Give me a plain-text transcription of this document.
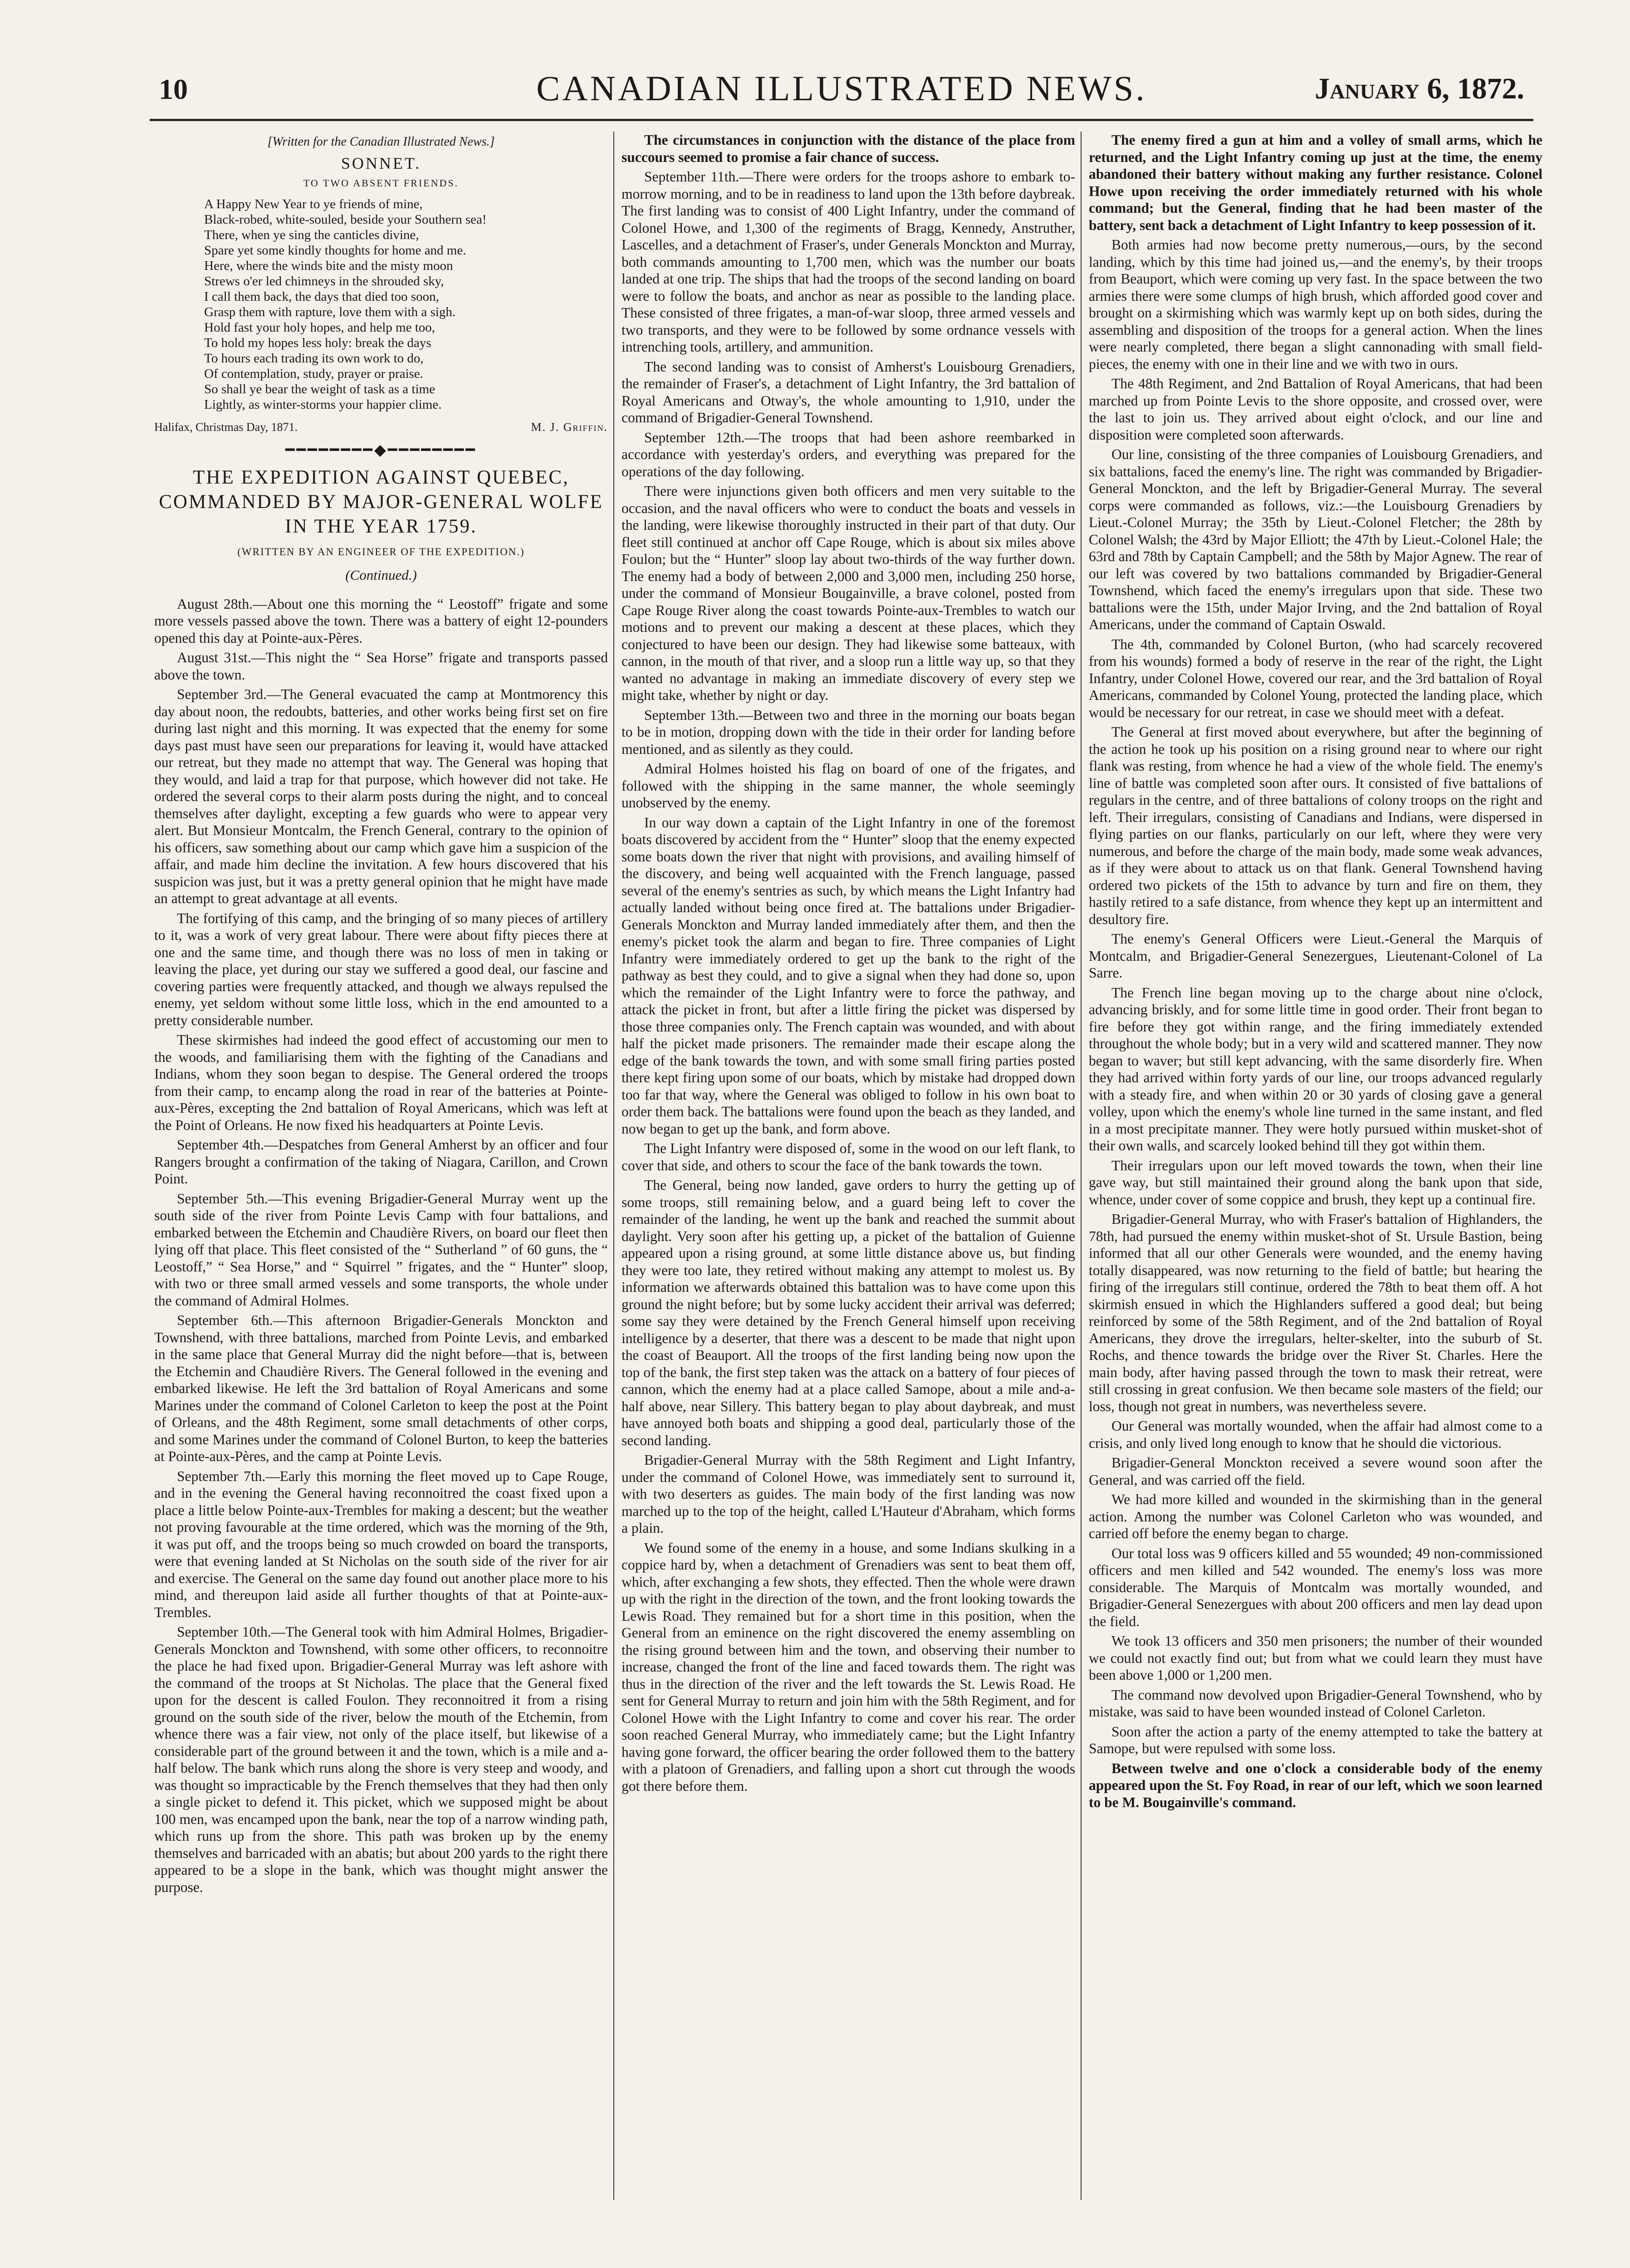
10	CANADIAN ILLUSTRATED NEWS.	January 6, 1872.
[Written for the Canadian Illustrated News.]
SONNET.
TO TWO ABSENT FRIENDS.
A Happy New Year to ye friends of mine,
Black-robed, white-souled, beside your Southern sea!
There, when ye sing the canticles divine,
Spare yet some kindly thoughts for home and me.
Here, where the winds bite and the misty moon
Strews o'er led chimneys in the shrouded sky,
I call them back, the days that died too soon,
Grasp them with rapture, love them with a sigh.
Hold fast your holy hopes, and help me too,
To hold my hopes less holy: break the days
To hours each trading its own work to do,
Of contemplation, study, prayer or praise.
So shall ye bear the weight of task as a time
Lightly, as winter-storms your happier clime.
Halifax, Christmas Day, 1871.	M. J. Griffin.
━━━━━━━━◆━━━━━━━━
THE EXPEDITION AGAINST QUEBEC, COMMANDED BY MAJOR-GENERAL WOLFE IN THE YEAR 1759.
(WRITTEN BY AN ENGINEER OF THE EXPEDITION.)
(Continued.)

August 28th.—About one this morning the “ Leostoff” frigate and some more vessels passed above the town. There was a battery of eight 12-pounders opened this day at Pointe-aux-Pères.

August 31st.—This night the “ Sea Horse” frigate and transports passed above the town.

September 3rd.—The General evacuated the camp at Montmorency this day about noon, the redoubts, batteries, and other works being first set on fire during last night and this morning. It was expected that the enemy for some days past must have seen our preparations for leaving it, would have attacked our retreat, but they made no attempt that way. The General was hoping that they would, and laid a trap for that purpose, which however did not take. He ordered the several corps to their alarm posts during the night, and to conceal themselves after daylight, excepting a few guards who were to appear very alert. But Monsieur Montcalm, the French General, contrary to the opinion of his officers, saw something about our camp which gave him a suspicion of the affair, and made him decline the invitation. A few hours discovered that his suspicion was just, but it was a pretty general opinion that he might have made an attempt to great advantage at all events.

The fortifying of this camp, and the bringing of so many pieces of artillery to it, was a work of very great labour. There were about fifty pieces there at one and the same time, and though there was no loss of men in taking or leaving the place, yet during our stay we suffered a good deal, our fascine and covering parties were frequently attacked, and though we always repulsed the enemy, yet seldom without some little loss, which in the end amounted to a pretty considerable number.

These skirmishes had indeed the good effect of accustoming our men to the woods, and familiarising them with the fighting of the Canadians and Indians, whom they soon began to despise. The General ordered the troops from their camp, to encamp along the road in rear of the batteries at Pointe-aux-Pères, excepting the 2nd battalion of Royal Americans, which was left at the Point of Orleans. He now fixed his headquarters at Pointe Levis.

September 4th.—Despatches from General Amherst by an officer and four Rangers brought a confirmation of the taking of Niagara, Carillon, and Crown Point.

September 5th.—This evening Brigadier-General Murray went up the south side of the river from Pointe Levis Camp with four battalions, and embarked between the Etchemin and Chaudière Rivers, on board our fleet then lying off that place. This fleet consisted of the “ Sutherland ” of 60 guns, the “ Leostoff,” “ Sea Horse,” and “ Squirrel ” frigates, and the “ Hunter” sloop, with two or three small armed vessels and some transports, the whole under the command of Admiral Holmes.

September 6th.—This afternoon Brigadier-Generals Monckton and Townshend, with three battalions, marched from Pointe Levis, and embarked in the same place that General Murray did the night before—that is, between the Etchemin and Chaudière Rivers. The General followed in the evening and embarked likewise. He left the 3rd battalion of Royal Americans and some Marines under the command of Colonel Carleton to keep the post at the Point of Orleans, and the 48th Regiment, some small detachments of other corps, and some Marines under the command of Colonel Burton, to keep the batteries at Pointe-aux-Pères, and the camp at Pointe Levis.

September 7th.—Early this morning the fleet moved up to Cape Rouge, and in the evening the General having reconnoitred the coast fixed upon a place a little below Pointe-aux-Trembles for making a descent; but the weather not proving favourable at the time ordered, which was the morning of the 9th, it was put off, and the troops being so much crowded on board the transports, were that evening landed at St Nicholas on the south side of the river for air and exercise. The General on the same day found out another place more to his mind, and thereupon laid aside all further thoughts of that at Pointe-aux-Trembles.

September 10th.—The General took with him Admiral Holmes, Brigadier-Generals Monckton and Townshend, with some other officers, to reconnoitre the place he had fixed upon. Brigadier-General Murray was left ashore with the command of the troops at St Nicholas. The place that the General fixed upon for the descent is called Foulon. They reconnoitred it from a rising ground on the south side of the river, below the mouth of the Etchemin, from whence there was a fair view, not only of the place itself, but likewise of a considerable part of the ground between it and the town, which is a mile and a-half below. The bank which runs along the shore is very steep and woody, and was thought so impracticable by the French themselves that they had then only a single picket to defend it. This picket, which we supposed might be about 100 men, was encamped upon the bank, near the top of a narrow winding path, which runs up from the shore. This path was broken up by the enemy themselves and barricaded with an abatis; but about 200 yards to the right there appeared to be a slope in the bank, which was thought might answer the purpose.

The circumstances in conjunction with the distance of the place from succours seemed to promise a fair chance of success.

September 11th.—There were orders for the troops ashore to embark to-morrow morning, and to be in readiness to land upon the 13th before daybreak. The first landing was to consist of 400 Light Infantry, under the command of Colonel Howe, and 1,300 of the regiments of Bragg, Kennedy, Anstruther, Lascelles, and a detachment of Fraser's, under Generals Monckton and Murray, both commands amounting to 1,700 men, which was the number our boats landed at one trip. The ships that had the troops of the second landing on board were to follow the boats, and anchor as near as possible to the landing place. These consisted of three frigates, a man-of-war sloop, three armed vessels and two transports, and they were to be followed by some ordnance vessels with intrenching tools, artillery, and ammunition.

The second landing was to consist of Amherst's Louisbourg Grenadiers, the remainder of Fraser's, a detachment of Light Infantry, the 3rd battalion of Royal Americans and Otway's, the whole amounting to 1,910, under the command of Brigadier-General Townshend.

September 12th.—The troops that had been ashore reembarked in accordance with yesterday's orders, and everything was prepared for the operations of the day following.

There were injunctions given both officers and men very suitable to the occasion, and the naval officers who were to conduct the boats and vessels in the landing, were likewise thoroughly instructed in their part of that duty. Our fleet still continued at anchor off Cape Rouge, which is about six miles above Foulon; but the “ Hunter” sloop lay about two-thirds of the way further down. The enemy had a body of between 2,000 and 3,000 men, including 250 horse, under the command of Monsieur Bougainville, a brave colonel, posted from Cape Rouge River along the coast towards Pointe-aux-Trembles to watch our motions and to prevent our making a descent at these places, which they conjectured to have been our design. They had likewise some batteaux, with cannon, in the mouth of that river, and a sloop run a little way up, so that they wanted no advantage in making an immediate discovery of every step we might take, whether by night or day.

September 13th.—Between two and three in the morning our boats began to be in motion, dropping down with the tide in their order for landing before mentioned, and as silently as they could.

Admiral Holmes hoisted his flag on board of one of the frigates, and followed with the shipping in the same manner, the whole seemingly unobserved by the enemy.

In our way down a captain of the Light Infantry in one of the foremost boats discovered by accident from the “ Hunter” sloop that the enemy expected some boats down the river that night with provisions, and availing himself of the discovery, and being well acquainted with the French language, passed several of the enemy's sentries as such, by which means the Light Infantry had actually landed without being once fired at. The battalions under Brigadier-Generals Monckton and Murray landed immediately after them, and then the enemy's picket took the alarm and began to fire. Three companies of Light Infantry were immediately ordered to get up the bank to the right of the pathway as best they could, and to give a signal when they had done so, upon which the remainder of the Light Infantry were to force the pathway, and attack the picket in front, but after a little firing the picket was dispersed by those three companies only. The French captain was wounded, and with about half the picket made prisoners. The remainder made their escape along the edge of the bank towards the town, and with some small firing parties posted there kept firing upon some of our boats, which by mistake had dropped down too far that way, where the General was obliged to follow in his own boat to order them back. The battalions were found upon the beach as they landed, and now began to get up the bank, and form above.

The Light Infantry were disposed of, some in the wood on our left flank, to cover that side, and others to scour the face of the bank towards the town.

The General, being now landed, gave orders to hurry the getting up of some troops, still remaining below, and a guard being left to cover the remainder of the landing, he went up the bank and reached the summit about daylight. Very soon after his getting up, a picket of the battalion of Guienne appeared upon a rising ground, at some little distance above us, but finding they were too late, they retired without making any attempt to molest us. By information we afterwards obtained this battalion was to have come upon this ground the night before; but by some lucky accident their arrival was deferred; some say they were detained by the French General himself upon receiving intelligence by a deserter, that there was a descent to be made that night upon the coast of Beauport. All the troops of the first landing being now upon the top of the bank, the first step taken was the attack on a battery of four pieces of cannon, which the enemy had at a place called Samope, about a mile and-a-half above, near Sillery. This battery began to play about daybreak, and must have annoyed both boats and shipping a good deal, particularly those of the second landing.

Brigadier-General Murray with the 58th Regiment and Light Infantry, under the command of Colonel Howe, was immediately sent to surround it, with two deserters as guides. The main body of the first landing was now marched up to the top of the height, called L'Hauteur d'Abraham, which forms a plain.

We found some of the enemy in a house, and some Indians skulking in a coppice hard by, when a detachment of Grenadiers was sent to beat them off, which, after exchanging a few shots, they effected. Then the whole were drawn up with the right in the direction of the town, and the front looking towards the Lewis Road. They remained but for a short time in this position, when the General from an eminence on the right discovered the enemy assembling on the rising ground between him and the town, and observing their number to increase, changed the front of the line and faced towards them. The right was thus in the direction of the river and the left towards the St. Lewis Road. He sent for General Murray to return and join him with the 58th Regiment, and for Colonel Howe with the Light Infantry to come and cover his rear. The order soon reached General Murray, who immediately came; but the Light Infantry having gone forward, the officer bearing the order followed them to the battery with a platoon of Grenadiers, and falling upon a short cut through the woods got there before them.

The enemy fired a gun at him and a volley of small arms, which he returned, and the Light Infantry coming up just at the time, the enemy abandoned their battery without making any further resistance. Colonel Howe upon receiving the order immediately returned with his whole command; but the General, finding that he had been master of the battery, sent back a detachment of Light Infantry to keep possession of it.

Both armies had now become pretty numerous,—ours, by the second landing, which by this time had joined us,—and the enemy's, by their troops from Beauport, which were coming up very fast. In the space between the two armies there were some clumps of high brush, which afforded good cover and brought on a skirmishing which was warmly kept up on both sides, during the assembling and disposition of the troops for a general action. When the lines were nearly completed, there began a slight cannonading with small field-pieces, the enemy with one in their line and we with two in ours.

The 48th Regiment, and 2nd Battalion of Royal Americans, that had been marched up from Pointe Levis to the shore opposite, and crossed over, were the last to join us. They arrived about eight o'clock, and our line and disposition were completed soon afterwards.

Our line, consisting of the three companies of Louisbourg Grenadiers, and six battalions, faced the enemy's line. The right was commanded by Brigadier-General Monckton, and the left by Brigadier-General Murray. The several corps were commanded as follows, viz.:—the Louisbourg Grenadiers by Lieut.-Colonel Murray; the 35th by Lieut.-Colonel Fletcher; the 28th by Colonel Walsh; the 43rd by Major Elliott; the 47th by Lieut.-Colonel Hale; the 63rd and 78th by Captain Campbell; and the 58th by Major Agnew. The rear of our left was covered by two battalions commanded by Brigadier-General Townshend, which faced the enemy's irregulars upon that side. These two battalions were the 15th, under Major Irving, and the 2nd battalion of Royal Americans, under the command of Captain Oswald.

The 4th, commanded by Colonel Burton, (who had scarcely recovered from his wounds) formed a body of reserve in the rear of the right, the Light Infantry, under Colonel Howe, covered our rear, and the 3rd battalion of Royal Americans, commanded by Colonel Young, protected the landing place, which would be necessary for our retreat, in case we should meet with a defeat.

The General at first moved about everywhere, but after the beginning of the action he took up his position on a rising ground near to where our right flank was resting, from whence he had a view of the whole field. The enemy's line of battle was completed soon after ours. It consisted of five battalions of regulars in the centre, and of three battalions of colony troops on the right and left. Their irregulars, consisting of Canadians and Indians, were dispersed in flying parties on our flanks, particularly on our left, where they were very numerous, and before the charge of the main body, made some weak advances, as if they were about to attack us on that flank. General Townshend having ordered two pickets of the 15th to advance by turn and fire on them, they hastily retired to a safe distance, from whence they kept up an intermittent and desultory fire.

The enemy's General Officers were Lieut.-General the Marquis of Montcalm, and Brigadier-General Senezergues, Lieutenant-Colonel of La Sarre.

The French line began moving up to the charge about nine o'clock, advancing briskly, and for some little time in good order. Their front began to fire before they got within range, and the firing immediately extended throughout the whole body; but in a very wild and scattered manner. They now began to waver; but still kept advancing, with the same disorderly fire. When they had arrived within forty yards of our line, our troops advanced regularly with a steady fire, and when within 20 or 30 yards of closing gave a general volley, upon which the enemy's whole line turned in the same instant, and fled in a most precipitate manner. They were hotly pursued within musket-shot of their own walls, and scarcely looked behind till they got within them.

Their irregulars upon our left moved towards the town, when their line gave way, but still maintained their ground along the bank upon that side, whence, under cover of some coppice and brush, they kept up a continual fire.

Brigadier-General Murray, who with Fraser's battalion of Highlanders, the 78th, had pursued the enemy within musket-shot of St. Ursule Bastion, being informed that all our other Generals were wounded, and the enemy having totally disappeared, was now returning to the field of battle; but hearing the firing of the irregulars still continue, ordered the 78th to beat them off. A hot skirmish ensued in which the Highlanders suffered a good deal; but being reinforced by some of the 58th Regiment, and of the 2nd battalion of Royal Americans, they drove the irregulars, helter-skelter, into the suburb of St. Rochs, and thence towards the bridge over the River St. Charles. Here the main body, after having passed through the town to mask their retreat, were still crossing in great confusion. We then became sole masters of the field; our loss, though not great in numbers, was nevertheless severe.

Our General was mortally wounded, when the affair had almost come to a crisis, and only lived long enough to know that he should die victorious.

Brigadier-General Monckton received a severe wound soon after the General, and was carried off the field.

We had more killed and wounded in the skirmishing than in the general action. Among the number was Colonel Carleton who was wounded, and carried off before the enemy began to charge.

Our total loss was 9 officers killed and 55 wounded; 49 non-commissioned officers and men killed and 542 wounded. The enemy's loss was more considerable. The Marquis of Montcalm was mortally wounded, and Brigadier-General Senezergues with about 200 officers and men lay dead upon the field.

We took 13 officers and 350 men prisoners; the number of their wounded we could not exactly find out; but from what we could learn they must have been above 1,000 or 1,200 men.

The command now devolved upon Brigadier-General Townshend, who by mistake, was said to have been wounded instead of Colonel Carleton.

Soon after the action a party of the enemy attempted to take the battery at Samope, but were repulsed with some loss.

Between twelve and one o'clock a considerable body of the enemy appeared upon the St. Foy Road, in rear of our left, which we soon learned to be M. Bougainville's command.
